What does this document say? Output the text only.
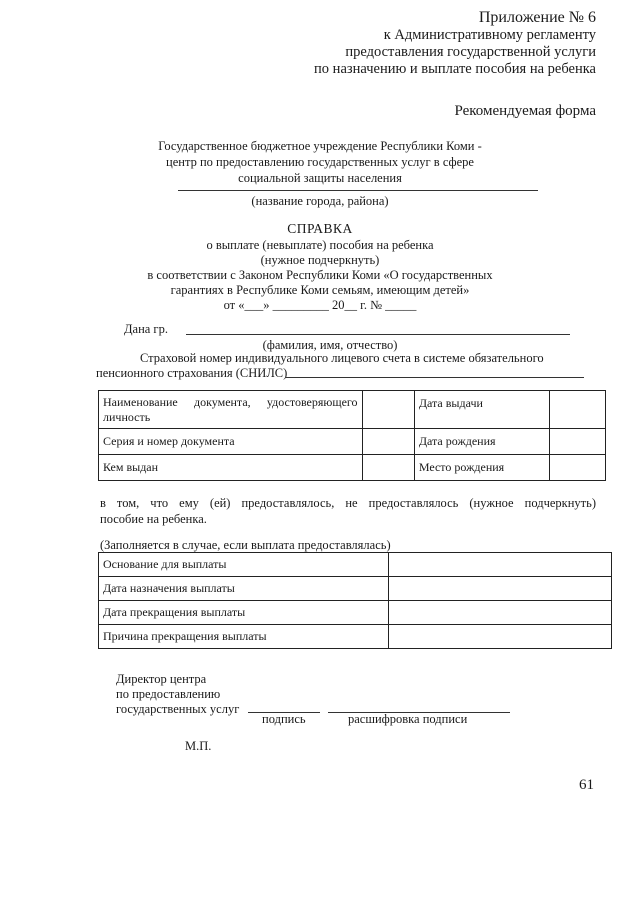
Приложение № 6
к Административному регламенту
предоставления государственной услуги
по назначению и выплате пособия на ребенка
Рекомендуемая форма
Государственное бюджетное учреждение Республики Коми -
центр по предоставлению государственных услуг в сфере
социальной защиты населения
(название города, района)
СПРАВКА
о выплате (невыплате) пособия на ребенка
(нужное подчеркнуть)
в соответствии с Законом Республики Коми «О государственных
гарантиях в Республике Коми семьям, имеющим детей»
от «___» _________ 20__ г. № _____
Дана гр.
(фамилия, имя, отчество)
Страховой номер индивидуального лицевого счета в системе обязательного
пенсионного страхования (СНИЛС)
Наименование документа, удостоверяющего личность		Дата выдачи	
Серия и номер документа		Дата рождения	
Кем выдан		Место рождения	
в том, что ему (ей) предоставлялось, не предоставлялось (нужное подчеркнуть)
пособие на ребенка.
(Заполняется в случае, если выплата предоставлялась)
Основание для выплаты	
Дата назначения выплаты	
Дата прекращения выплаты	
Причина прекращения выплаты	
Директор центра
по предоставлению
государственных услуг
подпись	расшифровка подписи
М.П.
61
